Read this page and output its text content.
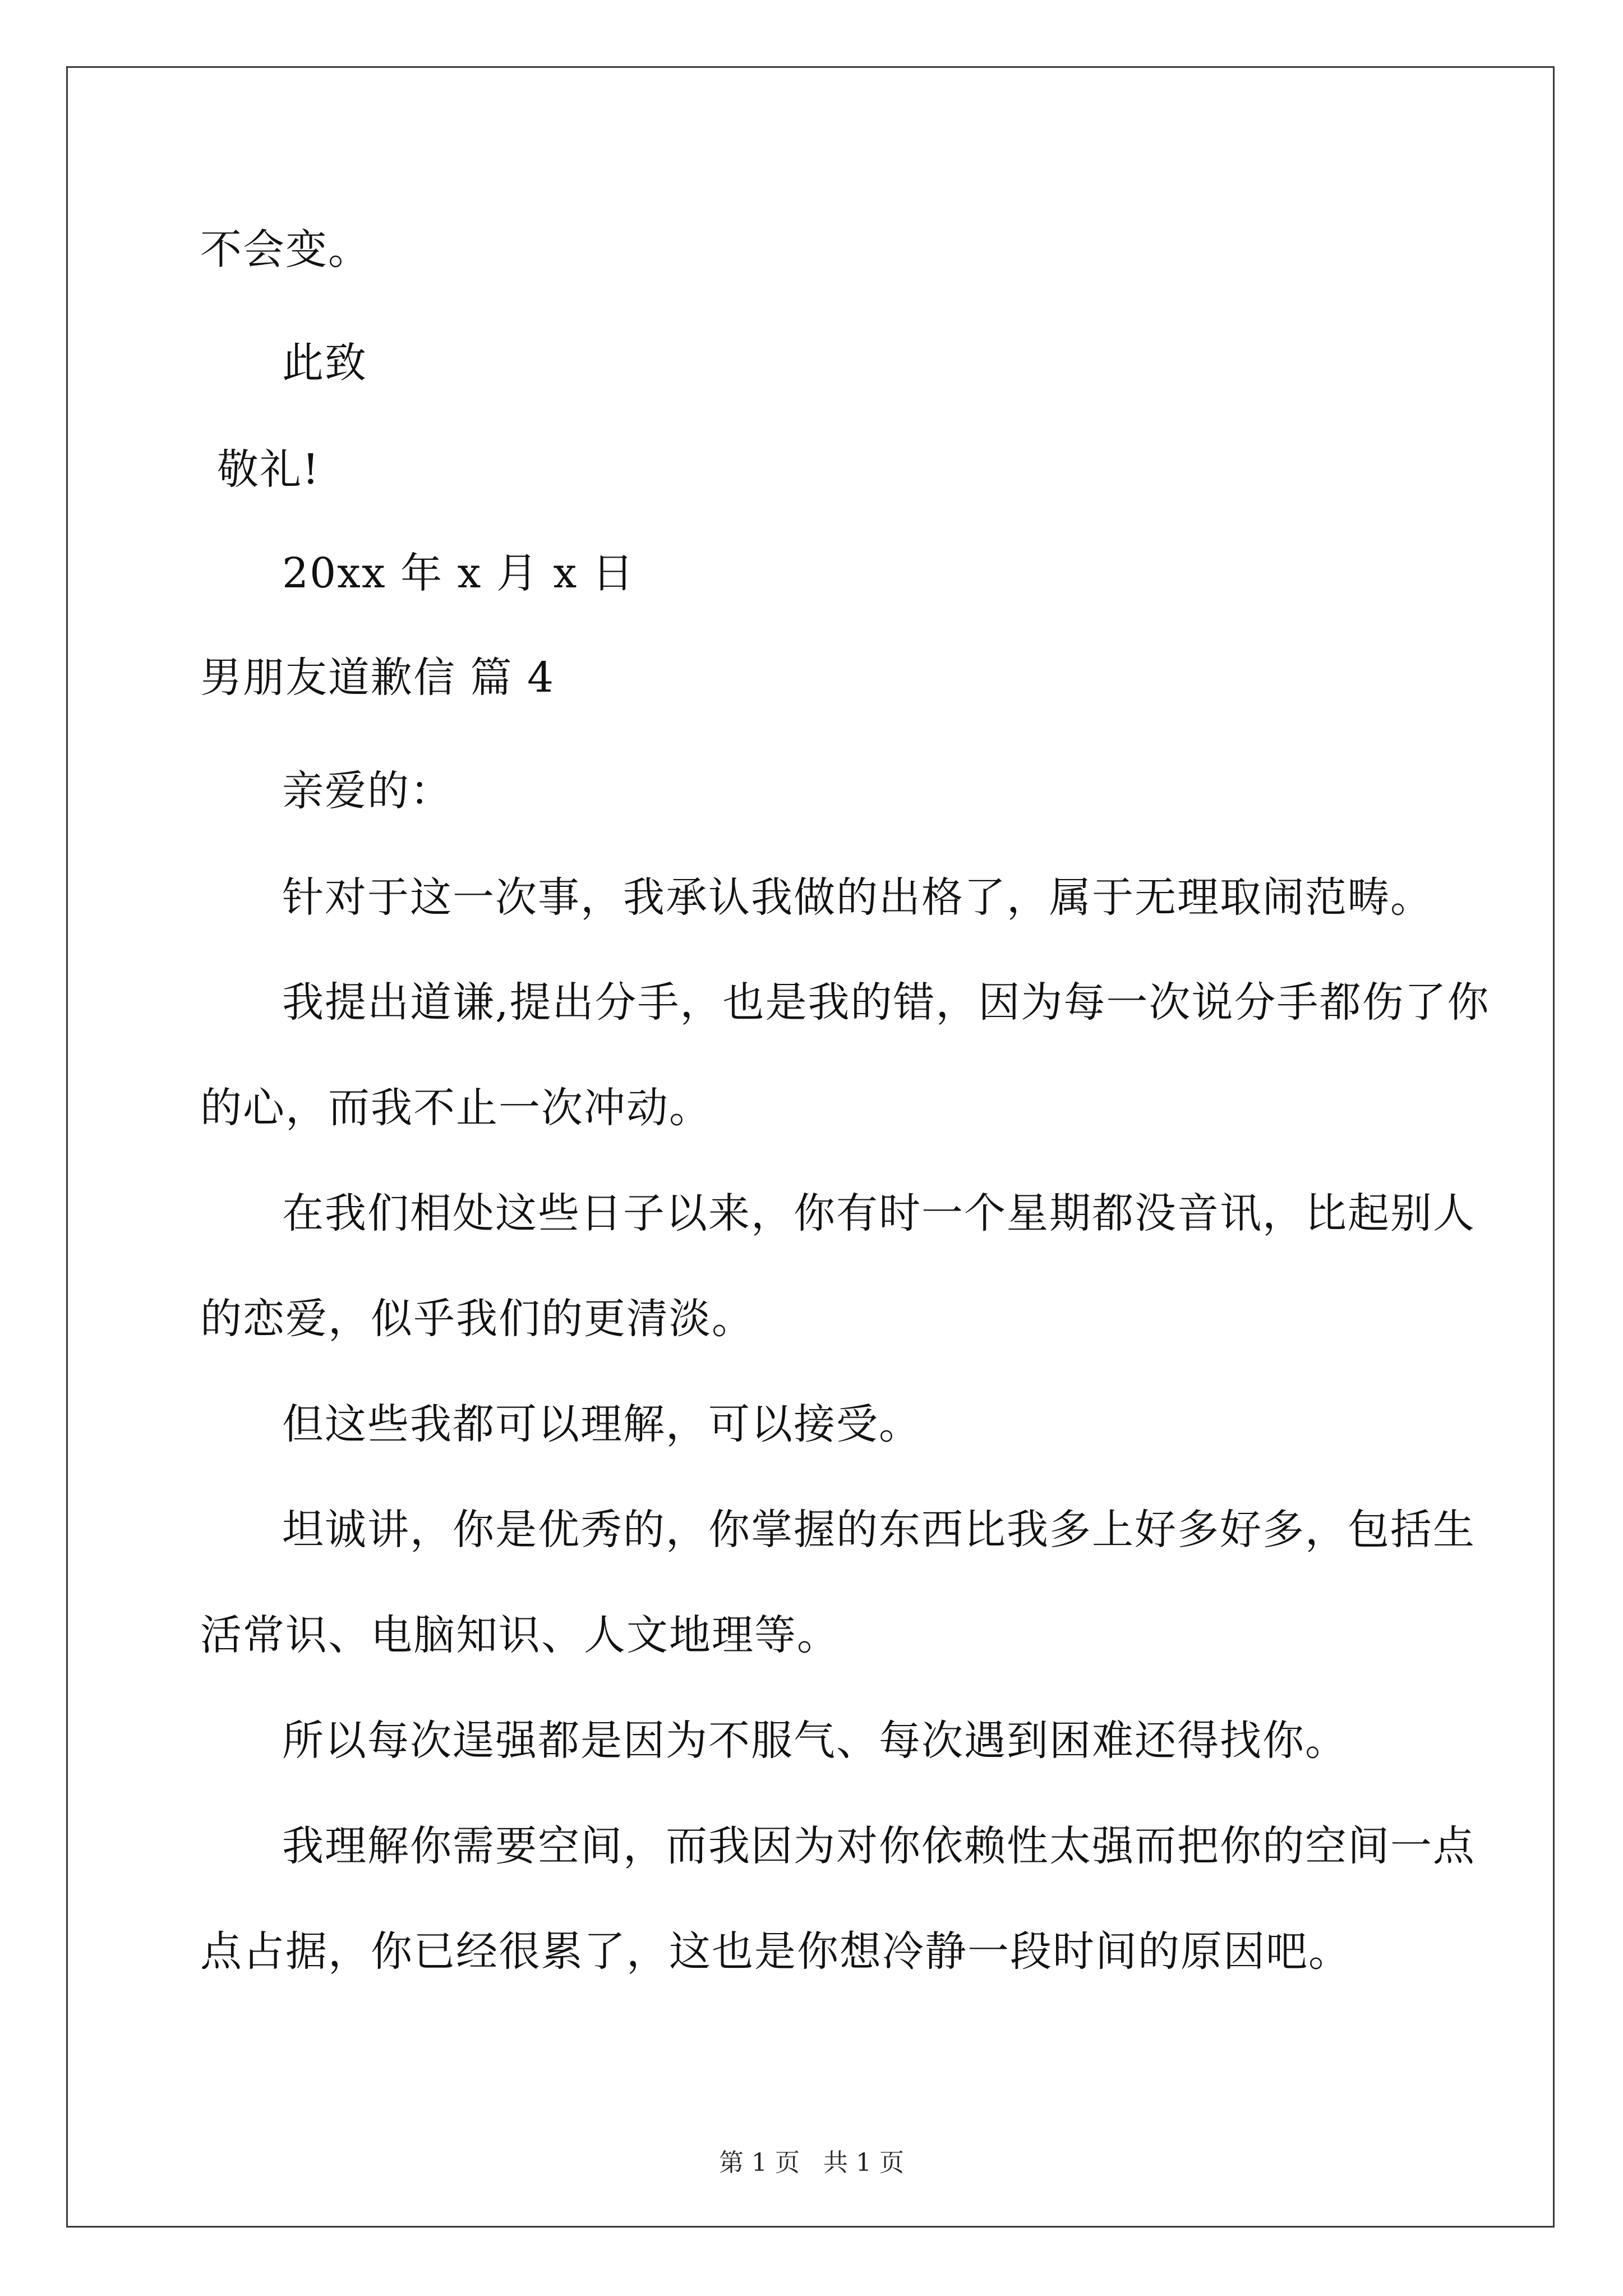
不会变。
此致
敬礼!
20xx 年 x 月 x 日
男朋友道歉信 篇 4
亲爱的：
针对于这一次事，我承认我做的出格了，属于无理取闹范畴。
我提出道谦,提出分手，也是我的错，因为每一次说分手都伤了你
的心，而我不止一次冲动。
在我们相处这些日子以来，你有时一个星期都没音讯，比起别人
的恋爱，似乎我们的更清淡。
但这些我都可以理解，可以接受。
坦诚讲，你是优秀的，你掌握的东西比我多上好多好多，包括生
活常识、电脑知识、人文地理等。
所以每次逞强都是因为不服气、每次遇到困难还得找你。
我理解你需要空间，而我因为对你依赖性太强而把你的空间一点
点占据，你已经很累了，这也是你想冷静一段时间的原因吧。
第 1 页   共 1 页
